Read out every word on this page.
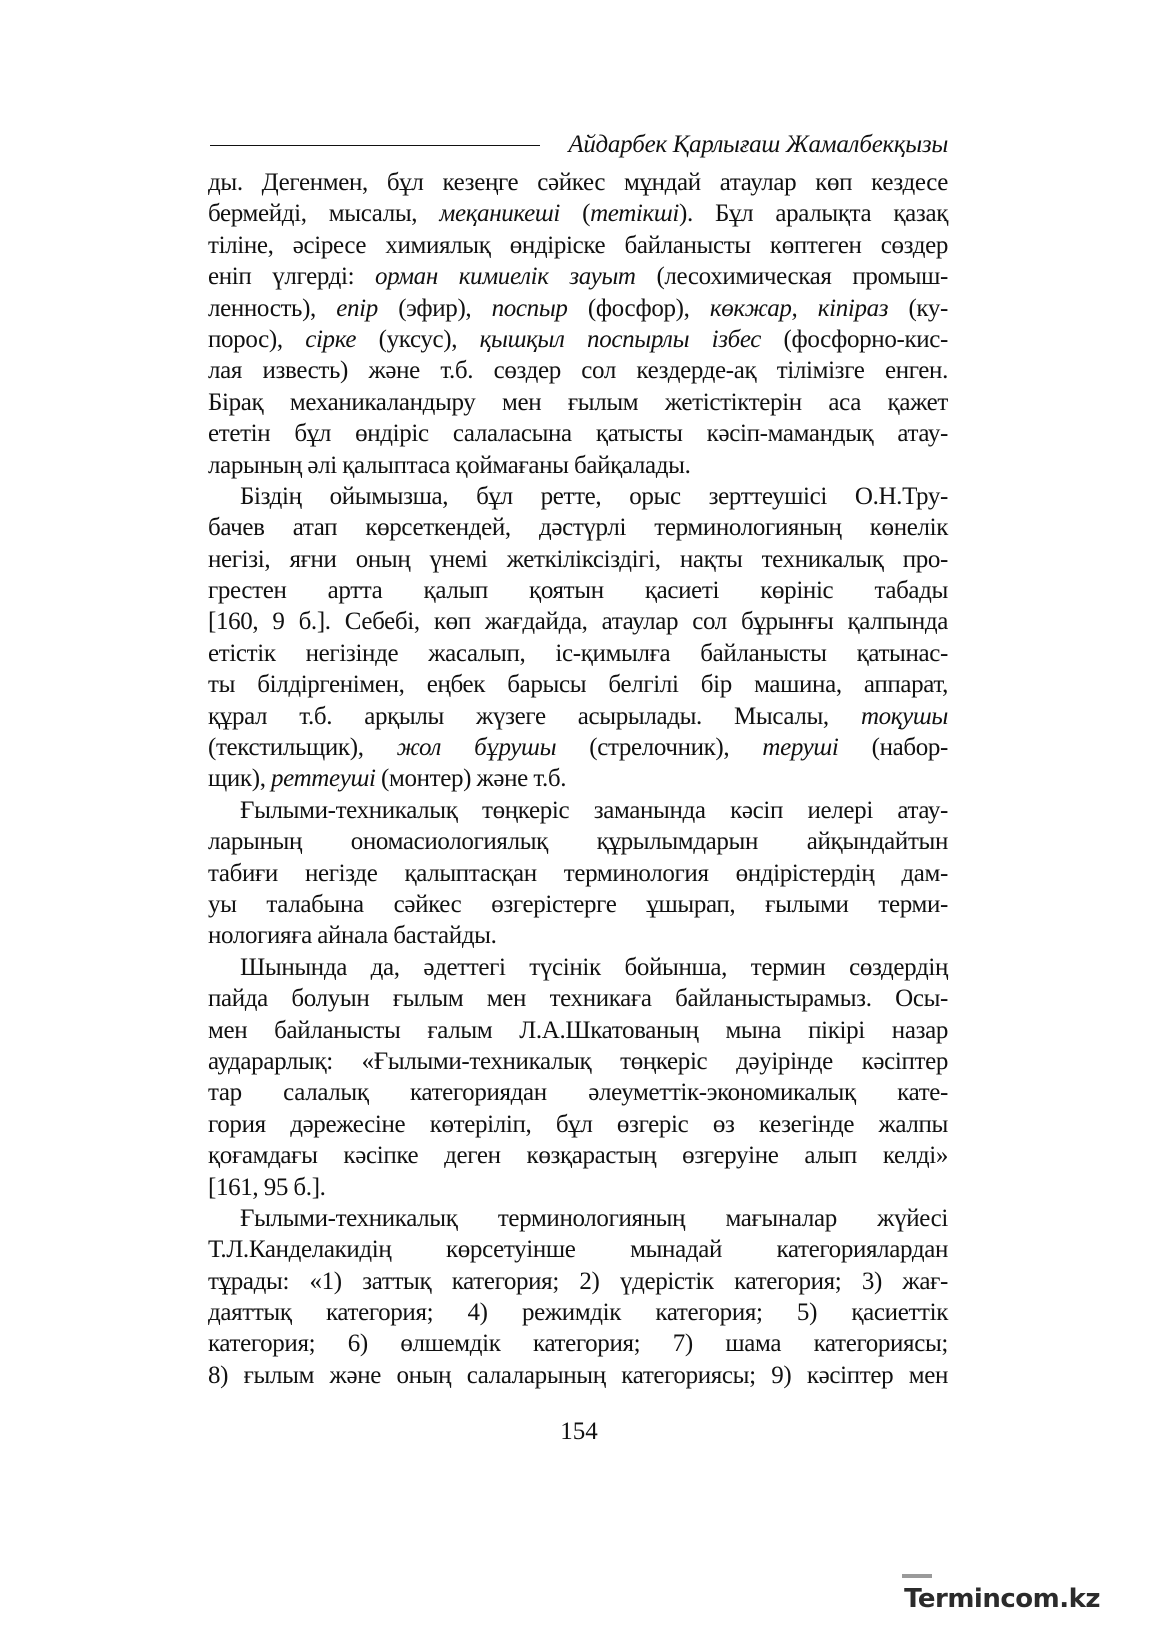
Айдарбек Қарлығаш Жамалбекқызы
ды. Дегенмен, бұл кезеңге сәйкес мұндай атаулар көп кездесе
бермейді, мысалы, меқаникеші (тетікші). Бұл аралықта қазақ
тіліне, әсіресе химиялық өндіріске байланысты көптеген сөздер
еніп үлгерді: орман кимиелік зауыт (лесохимическая промыш-
ленность), епір (эфир), поспыр (фосфор), көкжар, кіпіраз (ку-
порос), сірке (уксус), қышқыл поспырлы ізбес (фосфорно-кис-
лая известь) және т.б. сөздер сол кездерде-ақ тілімізге енген.
Бірақ механикаландыру мен ғылым жетістіктерін аса қажет
ететін бұл өндіріс салаласына қатысты кәсіп-мамандық атау-
ларының әлі қалыптаса қоймағаны байқалады.
Біздің ойымызша, бұл ретте, орыс зерттеушісі О.Н.Тру-
бачев атап көрсеткендей, дәстүрлі терминологияның көнелік
негізі, яғни оның үнемі жеткіліксіздігі, нақты техникалық про-
грестен артта қалып қоятын қасиеті көрініс табады
[160, 9 б.]. Себебі, көп жағдайда, атаулар сол бұрынғы қалпында
етістік негізінде жасалып, іс-қимылға байланысты қатынас-
ты білдіргенімен, еңбек барысы белгілі бір машина, аппарат,
құрал т.б. арқылы жүзеге асырылады. Мысалы, тоқушы
(текстильщик), жол бұрушы (стрелочник), теруші (набор-
щик), реттеуші (монтер) және т.б.
Ғылыми-техникалық төңкеріс заманында кәсіп иелері атау-
ларының ономасиологиялық құрылымдарын айқындайтын
табиғи негізде қалыптасқан терминология өндірістердің дам-
уы талабына сәйкес өзгерістерге ұшырап, ғылыми терми-
нологияға айнала бастайды.
Шынында да, әдеттегі түсінік бойынша, термин сөздердің
пайда болуын ғылым мен техникаға байланыстырамыз. Осы-
мен байланысты ғалым Л.А.Шкатованың мына пікірі назар
аударарлық: «Ғылыми-техникалық төңкеріс дәуірінде кәсіптер
тар салалық категориядан әлеуметтік-экономикалық кате-
гория дәрежесіне көтеріліп, бұл өзгеріс өз кезегінде жалпы
қоғамдағы кәсіпке деген көзқарастың өзгеруіне алып келді»
[161, 95 б.].
Ғылыми-техникалық терминологияның мағыналар жүйесі
Т.Л.Канделакидің көрсетуінше мынадай категориялардан
тұрады: «1) заттық категория; 2) үдерістік категория; 3) жағ-
даяттық категория; 4) режимдік категория; 5) қасиеттік
категория; 6) өлшемдік категория; 7) шама категориясы;
8) ғылым және оның салаларының категориясы; 9) кәсіптер мен
154
Termincom.kz
